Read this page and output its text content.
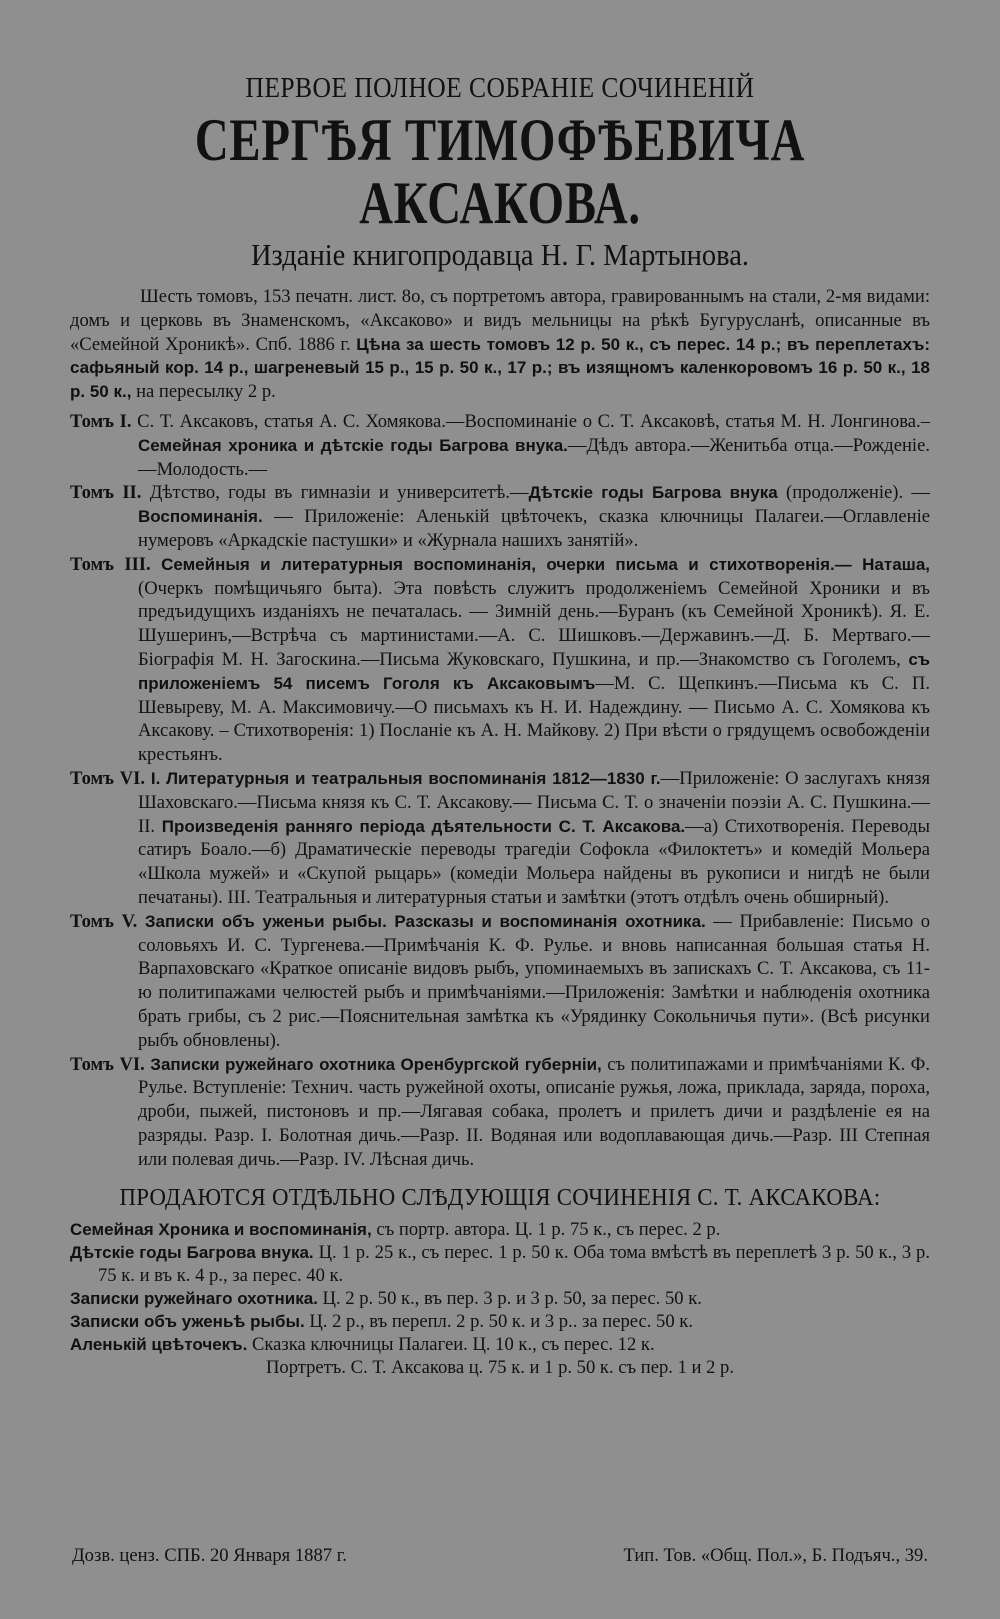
ПЕРВОЕ ПОЛНОЕ СОБРАНІЕ СОЧИНЕНІЙ
СЕРГѢЯ ТИМОФѢЕВИЧА АКСАКОВА.
Изданіе книгопродавца Н. Г. Мартынова.

Шесть томовъ, 153 печатн. лист. 8о, съ портретомъ автора, гравированнымъ на стали, 2-мя видами: домъ и церковь въ Знаменскомъ, «Аксаково» и видъ мельницы на рѣкѣ Бугурусланѣ, описанные въ «Семейной Хроникѣ». Спб. 1886 г. Цѣна за шесть томовъ 12 р. 50 к., съ перес. 14 р.; въ переплетахъ: сафьяный кор. 14 р., шагреневый 15 р., 15 р. 50 к., 17 р.; въ изящномъ каленкоровомъ 16 р. 50 к., 18 р. 50 к., на пересылку 2 р.

Томъ I. С. Т. Аксаковъ, статья А. С. Хомякова.—Воспоминаніе о С. Т. Аксаковѣ, статья М. Н. Лонгинова.– Семейная хроника и дѣтскіе годы Багрова внука.—Дѣдъ автора.—Женитьба отца.—Рожденіе.—Молодость.—

Томъ II. Дѣтство, годы въ гимназіи и университетѣ.—Дѣтскіе годы Багрова внука (продолженіе). — Воспоминанія. — Приложеніе: Аленькій цвѣточекъ, сказка ключницы Палагеи.—Оглавленіе нумеровъ «Аркадскіе пастушки» и «Журнала нашихъ занятій».

Томъ III. Семейныя и литературныя воспоминанія, очерки письма и стихотворенія.— Наташа, (Очеркъ помѣщичьяго быта). Эта повѣсть служитъ продолженіемъ Семейной Хроники и въ предъидущихъ изданіяхъ не печаталась. — Зимній день.—Буранъ (къ Семейной Хроникѣ). Я. Е. Шушеринъ,—Встрѣча съ мартинистами.—А. С. Шишковъ.—Державинъ.—Д. Б. Мертваго.—Біографія М. Н. Загоскина.—Письма Жуковскаго, Пушкина, и пр.—Знакомство съ Гоголемъ, съ приложеніемъ 54 писемъ Гоголя къ Аксаковымъ—М. С. Щепкинъ.—Письма къ С. П. Шевыреву, М. А. Максимовичу.—О письмахъ къ Н. И. Надеждину. — Письмо А. С. Хомякова къ Аксакову. – Стихотворенія: 1) Посланіе къ А. Н. Майкову. 2) При вѣсти о грядущемъ освобожденіи крестьянъ.

Томъ VI. I. Литературныя и театральныя воспоминанія 1812—1830 г.—Приложеніе: О заслугахъ князя Шаховскаго.—Письма князя къ С. Т. Аксакову.— Письма С. Т. о значеніи поэзіи А. С. Пушкина.—II. Произведенія ранняго періода дѣятельности С. Т. Аксакова.—а) Стихотворенія. Переводы сатиръ Боало.—б) Драматическіе переводы трагедіи Софокла «Филоктетъ» и комедій Мольера «Школа мужей» и «Скупой рыцарь» (комедіи Мольера найдены въ рукописи и нигдѣ не были печатаны). III. Театральныя и литературныя статьи и замѣтки (этотъ отдѣлъ очень обширный).

Томъ V. Записки объ уженьи рыбы. Разсказы и воспоминанія охотника. — Прибавленіе: Письмо о соловьяхъ И. С. Тургенева.—Примѣчанія К. Ф. Рулье. и вновь написанная большая статья Н. Варпаховскаго «Краткое описаніе видовъ рыбъ, упоминаемыхъ въ запискахъ С. Т. Аксакова, съ 11-ю политипажами челюстей рыбъ и примѣчаніями.—Приложенія: Замѣтки и наблюденія охотника брать грибы, съ 2 рис.—Пояснительная замѣтка къ «Урядинку Сокольничья пути». (Всѣ рисунки рыбъ обновлены).

Томъ VI. Записки ружейнаго охотника Оренбургской губерніи, съ политипажами и примѣчаніями К. Ф. Рулье. Вступленіе: Технич. часть ружейной охоты, описаніе ружья, ложа, приклада, заряда, пороха, дроби, пыжей, пистоновъ и пр.—Лягавая собака, пролетъ и прилетъ дичи и раздѣленіе ея на разряды. Разр. I. Болотная дичь.—Разр. II. Водяная или водоплавающая дичь.—Разр. III Степная или полевая дичь.—Разр. IV. Лѣсная дичь.

ПРОДАЮТСЯ ОТДѢЛЬНО СЛѢДУЮЩІЯ СОЧИНЕНІЯ С. Т. АКСАКОВА:

Семейная Хроника и воспоминанія, съ портр. автора. Ц. 1 р. 75 к., съ перес. 2 р.

Дѣтскіе годы Багрова внука. Ц. 1 р. 25 к., съ перес. 1 р. 50 к. Оба тома вмѣстѣ въ переплетѣ 3 р. 50 к., 3 р. 75 к. и въ к. 4 р., за перес. 40 к.

Записки ружейнаго охотника. Ц. 2 р. 50 к., въ пер. 3 р. и 3 р. 50, за перес. 50 к.

Записки объ уженьѣ рыбы. Ц. 2 р., въ перепл. 2 р. 50 к. и 3 р.. за перес. 50 к.

Аленькій цвѣточекъ. Сказка ключницы Палагеи. Ц. 10 к., съ перес. 12 к.

Портретъ. С. Т. Аксакова ц. 75 к. и 1 р. 50 к. съ пер. 1 и 2 р.

Дозв. ценз. СПБ. 20 Января 1887 г.	Тип. Тов. «Общ. Пол.», Б. Подъяч., 39.
